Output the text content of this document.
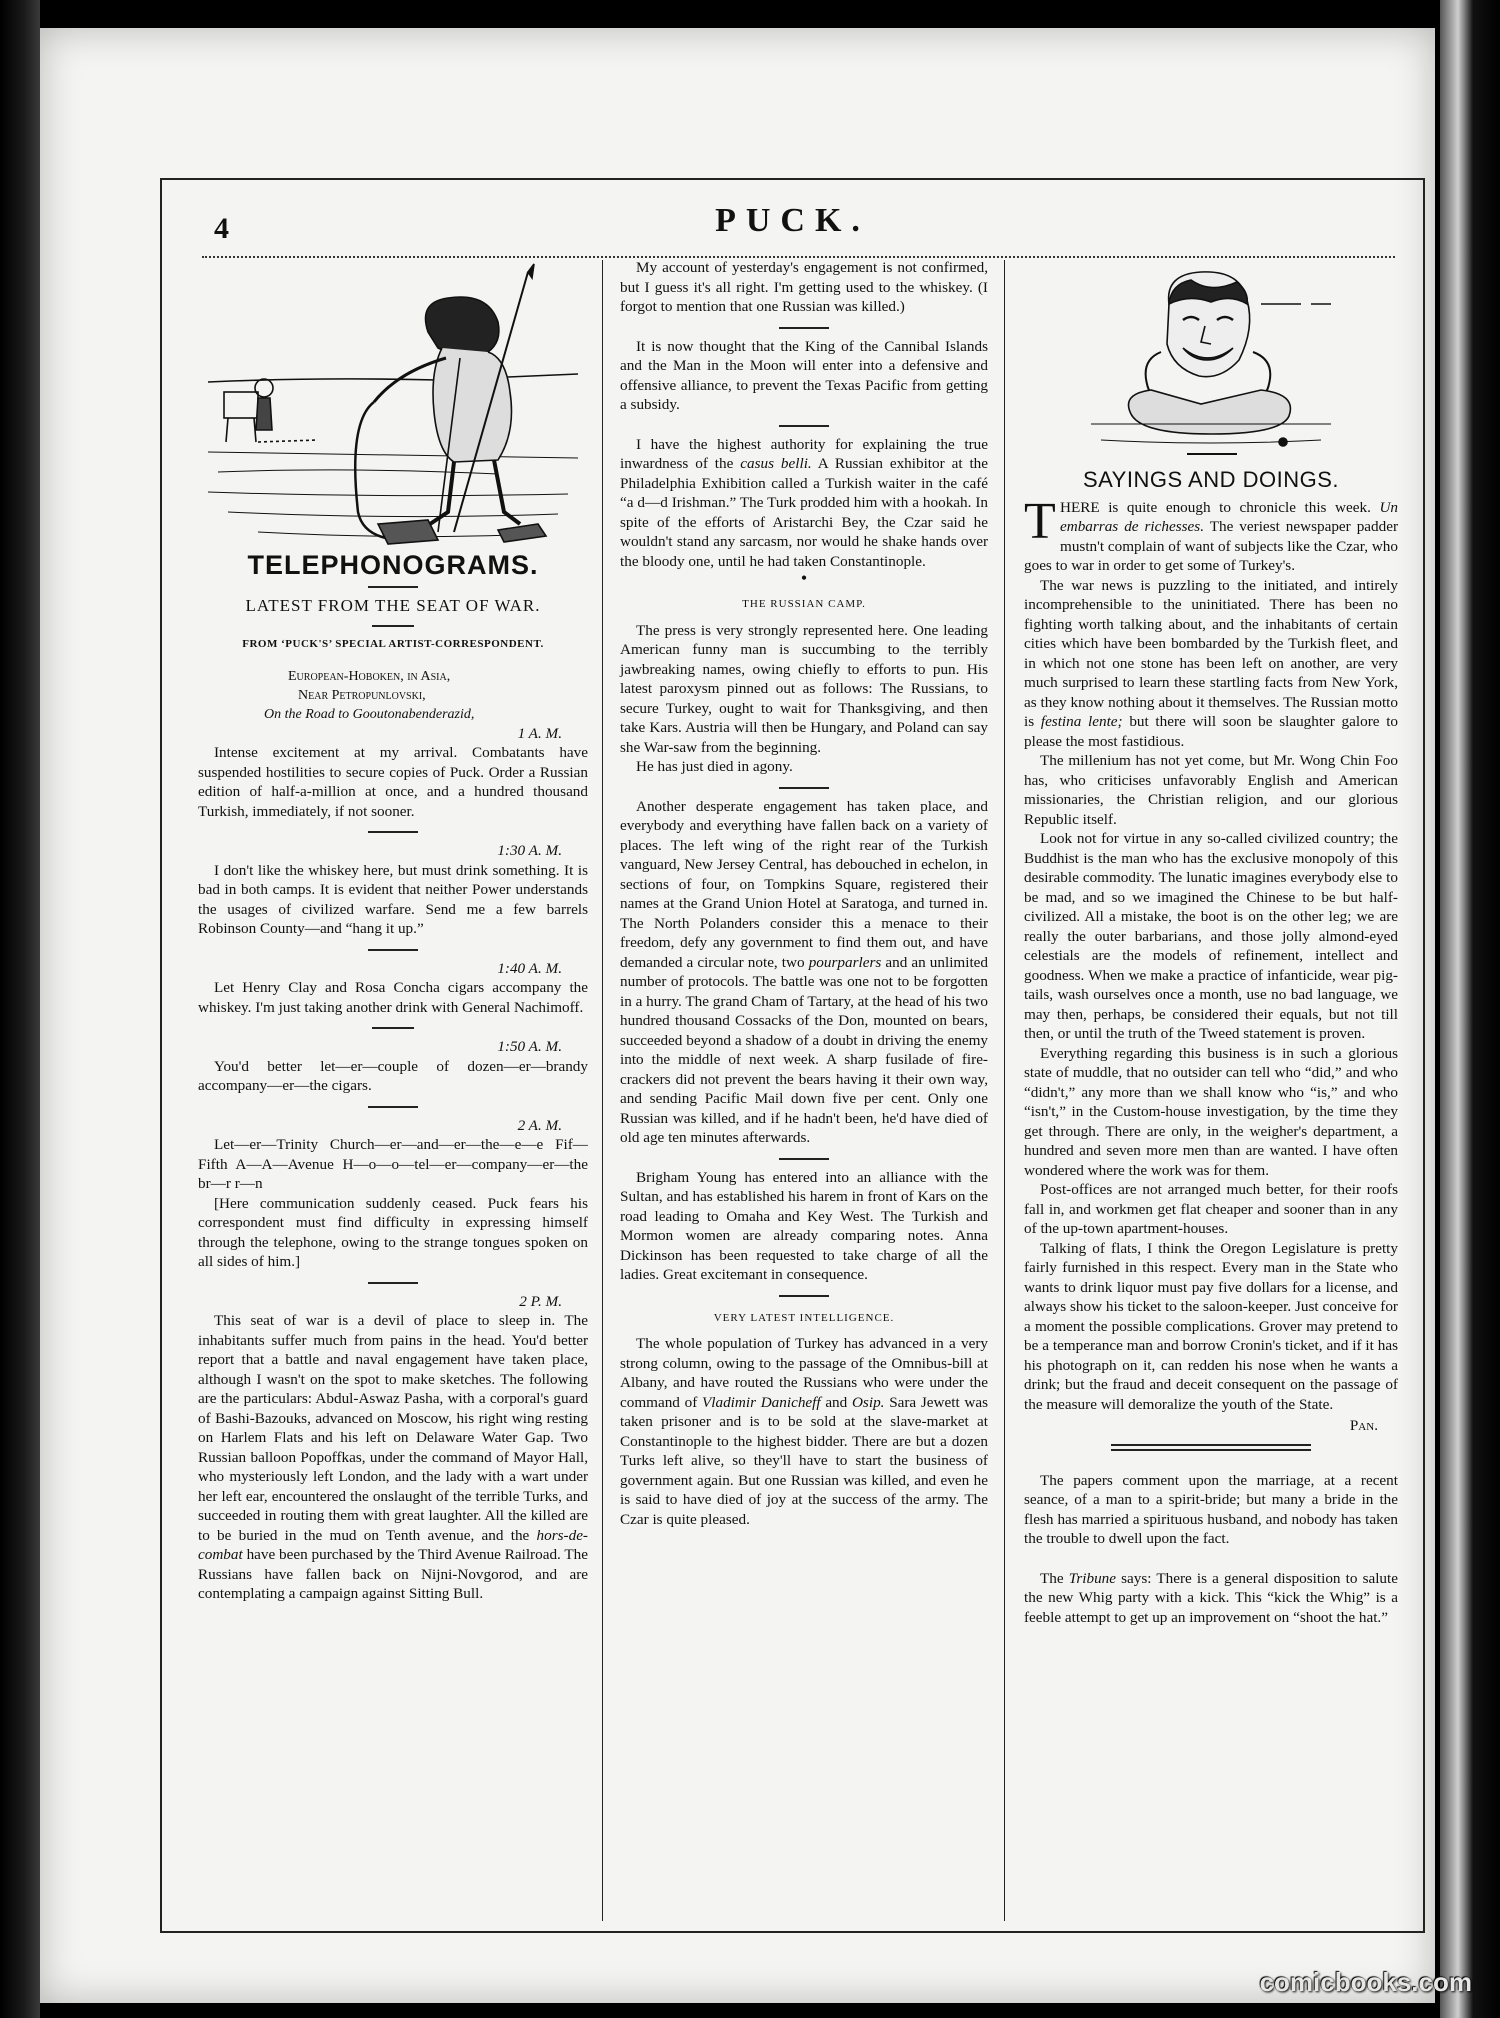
4	PUCK.
TELEPHONOGRAMS.
LATEST FROM THE SEAT OF WAR.
FROM ‘PUCK'S’ SPECIAL ARTIST-CORRESPONDENT.
European-Hoboken, in Asia,
Near Petropunlovski,
On the Road to Gooutonabenderazid,

1 A. M.

Intense excitement at my arrival. Combatants have suspended hostilities to secure copies of Puck. Order a Russian edition of half-a-million at once, and a hundred thousand Turkish, immediately, if not sooner.

1:30 A. M.

I don't like the whiskey here, but must drink something. It is bad in both camps. It is evident that neither Power understands the usages of civilized warfare. Send me a few barrels Robinson County—and “hang it up.”

1:40 A. M.

Let Henry Clay and Rosa Concha cigars accompany the whiskey. I'm just taking another drink with General Nachimoff.

1:50 A. M.

You'd better let—er—couple of dozen—er—brandy accompany—er—the cigars.

2 A. M.

Let—er—Trinity Church—er—and—er—the—e—e Fif—Fifth A—A—Avenue H—o—o—tel—er—company—er—the br—r r—n

[Here communication suddenly ceased. Puck fears his correspondent must find difficulty in expressing himself through the telephone, owing to the strange tongues spoken on all sides of him.]

2 P. M.

This seat of war is a devil of place to sleep in. The inhabitants suffer much from pains in the head. You'd better report that a battle and naval engagement have taken place, although I wasn't on the spot to make sketches. The following are the particulars: Abdul-Aswaz Pasha, with a corporal's guard of Bashi-Bazouks, advanced on Moscow, his right wing resting on Harlem Flats and his left on Delaware Water Gap. Two Russian balloon Popoffkas, under the command of Mayor Hall, who mysteriously left London, and the lady with a wart under her left ear, encountered the onslaught of the terrible Turks, and succeeded in routing them with great laughter. All the killed are to be buried in the mud on Tenth avenue, and the hors-de-combat have been purchased by the Third Avenue Railroad. The Russians have fallen back on Nijni-Novgorod, and are contemplating a campaign against Sitting Bull.

My account of yesterday's engagement is not confirmed, but I guess it's all right. I'm getting used to the whiskey. (I forgot to mention that one Russian was killed.)

It is now thought that the King of the Cannibal Islands and the Man in the Moon will enter into a defensive and offensive alliance, to prevent the Texas Pacific from getting a subsidy.

I have the highest authority for explaining the true inwardness of the casus belli. A Russian exhibitor at the Philadelphia Exhibition called a Turkish waiter in the café “a d—d Irishman.” The Turk prodded him with a hookah. In spite of the efforts of Aristarchi Bey, the Czar said he wouldn't stand any sarcasm, nor would he shake hands over the bloody one, until he had taken Constantinople.

•
THE RUSSIAN CAMP.

The press is very strongly represented here. One leading American funny man is succumbing to the terribly jawbreaking names, owing chiefly to efforts to pun. His latest paroxysm pinned out as follows: The Russians, to secure Turkey, ought to wait for Thanksgiving, and then take Kars. Austria will then be Hungary, and Poland can say she War-saw from the beginning.

He has just died in agony.

Another desperate engagement has taken place, and everybody and everything have fallen back on a variety of places. The left wing of the right rear of the Turkish vanguard, New Jersey Central, has debouched in echelon, in sections of four, on Tompkins Square, registered their names at the Grand Union Hotel at Saratoga, and turned in. The North Polanders consider this a menace to their freedom, defy any government to find them out, and have demanded a circular note, two pourparlers and an unlimited number of protocols. The battle was one not to be forgotten in a hurry. The grand Cham of Tartary, at the head of his two hundred thousand Cossacks of the Don, mounted on bears, succeeded beyond a shadow of a doubt in driving the enemy into the middle of next week. A sharp fusilade of fire-crackers did not prevent the bears having it their own way, and sending Pacific Mail down five per cent. Only one Russian was killed, and if he hadn't been, he'd have died of old age ten minutes afterwards.

Brigham Young has entered into an alliance with the Sultan, and has established his harem in front of Kars on the road leading to Omaha and Key West. The Turkish and Mormon women are already comparing notes. Anna Dickinson has been requested to take charge of all the ladies. Great excitemant in consequence.

VERY LATEST INTELLIGENCE.

The whole population of Turkey has advanced in a very strong column, owing to the passage of the Omnibus-bill at Albany, and have routed the Russians who were under the command of Vladimir Danicheff and Osip. Sara Jewett was taken prisoner and is to be sold at the slave-market at Constantinople to the highest bidder. There are but a dozen Turks left alive, so they'll have to start the business of government again. But one Russian was killed, and even he is said to have died of joy at the success of the army. The Czar is quite pleased.

SAYINGS AND DOINGS.

THERE is quite enough to chronicle this week. Un embarras de richesses. The veriest newspaper padder mustn't complain of want of subjects like the Czar, who goes to war in order to get some of Turkey's.

The war news is puzzling to the initiated, and intirely incomprehensible to the uninitiated. There has been no fighting worth talking about, and the inhabitants of certain cities which have been bombarded by the Turkish fleet, and in which not one stone has been left on another, are very much surprised to learn these startling facts from New York, as they know nothing about it themselves. The Russian motto is festina lente; but there will soon be slaughter galore to please the most fastidious.

The millenium has not yet come, but Mr. Wong Chin Foo has, who criticises unfavorably English and American missionaries, the Christian religion, and our glorious Republic itself.

Look not for virtue in any so-called civilized country; the Buddhist is the man who has the exclusive monopoly of this desirable commodity. The lunatic imagines everybody else to be mad, and so we imagined the Chinese to be but half-civilized. All a mistake, the boot is on the other leg; we are really the outer barbarians, and those jolly almond-eyed celestials are the models of refinement, intellect and goodness. When we make a practice of infanticide, wear pig-tails, wash ourselves once a month, use no bad language, we may then, perhaps, be considered their equals, but not till then, or until the truth of the Tweed statement is proven.

Everything regarding this business is in such a glorious state of muddle, that no outsider can tell who “did,” and who “didn't,” any more than we shall know who “is,” and who “isn't,” in the Custom-house investigation, by the time they get through. There are only, in the weigher's department, a hundred and seven more men than are wanted. I have often wondered where the work was for them.

Post-offices are not arranged much better, for their roofs fall in, and workmen get flat cheaper and sooner than in any of the up-town apartment-houses.

Talking of flats, I think the Oregon Legislature is pretty fairly furnished in this respect. Every man in the State who wants to drink liquor must pay five dollars for a license, and always show his ticket to the saloon-keeper. Just conceive for a moment the possible complications. Grover may pretend to be a temperance man and borrow Cronin's ticket, and if it has his photograph on it, can redden his nose when he wants a drink; but the fraud and deceit consequent on the passage of the measure will demoralize the youth of the State.

Pan.

The papers comment upon the marriage, at a recent seance, of a man to a spirit-bride; but many a bride in the flesh has married a spirituous husband, and nobody has taken the trouble to dwell upon the fact.

The Tribune says: There is a general disposition to salute the new Whig party with a kick. This “kick the Whig” is a feeble attempt to get up an improvement on “shoot the hat.”

comicbooks.com
